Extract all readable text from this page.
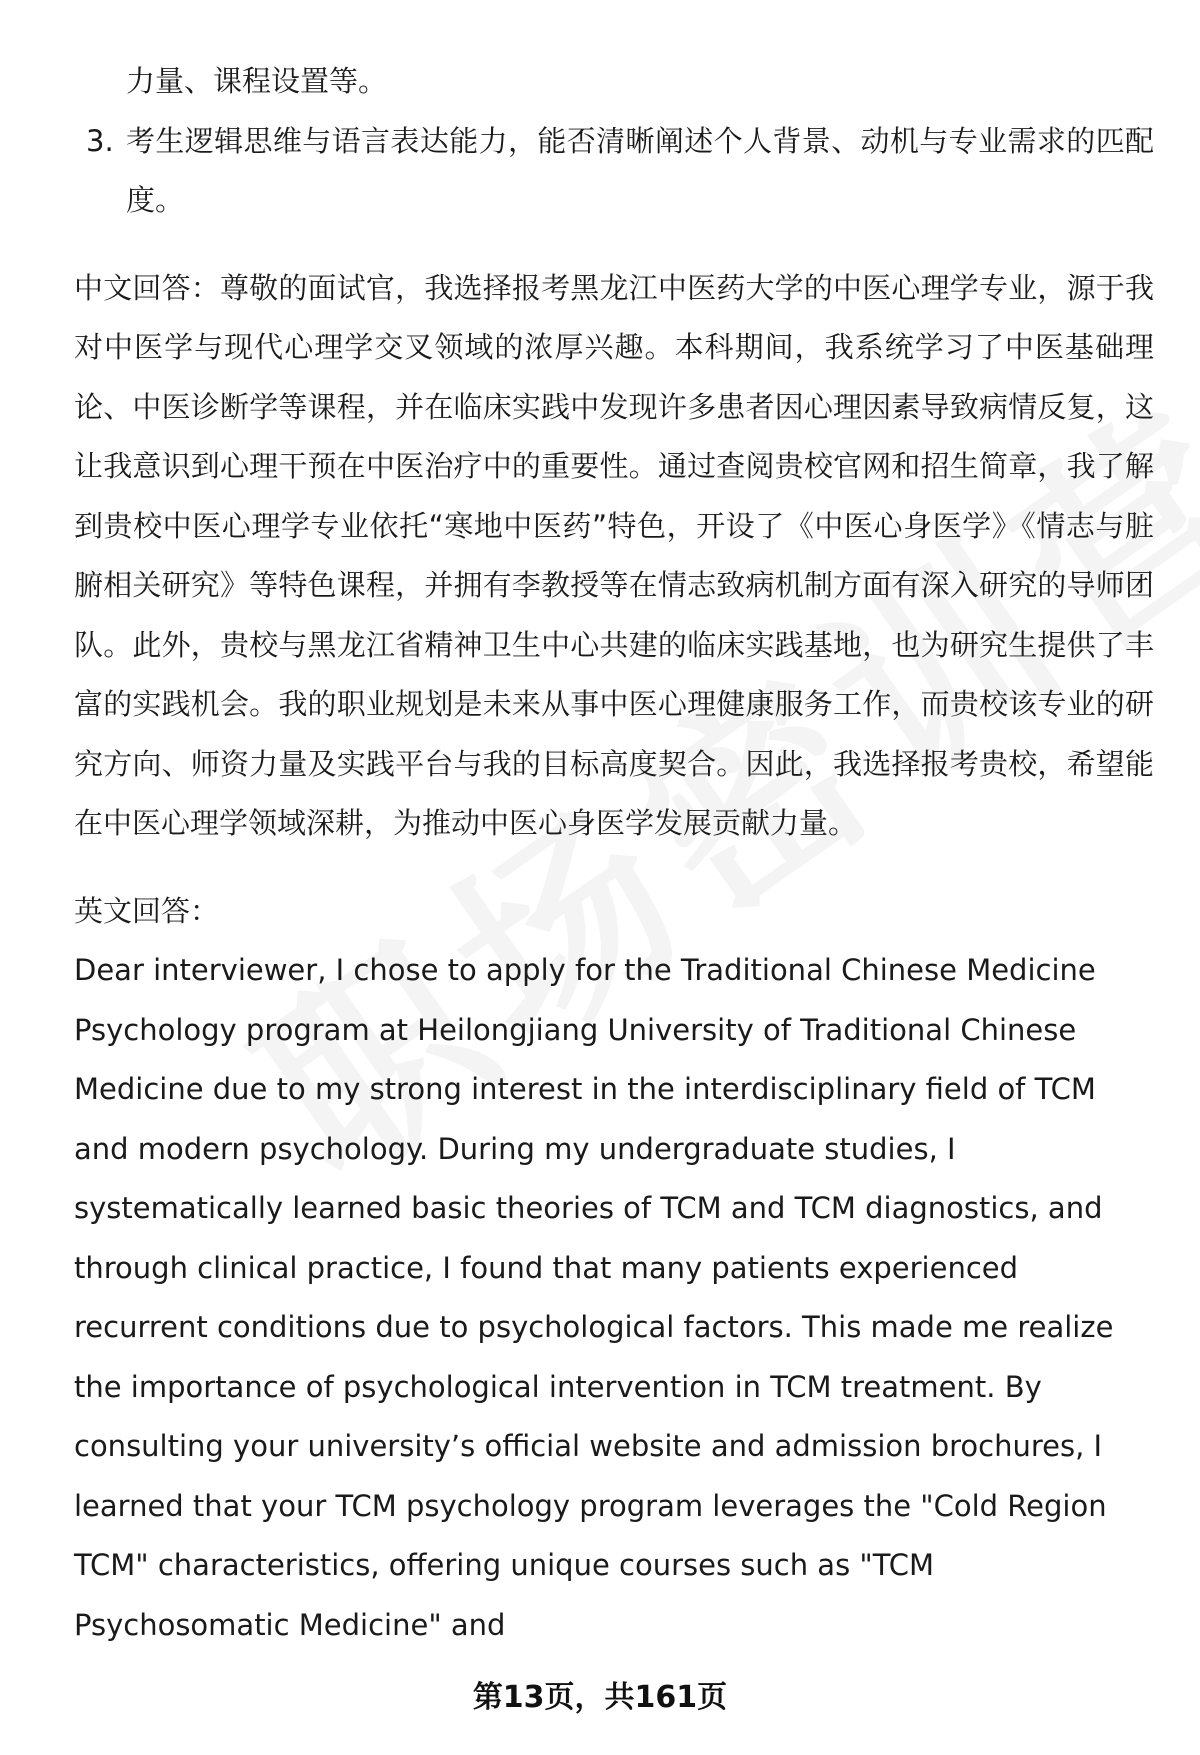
力量、课程设置等。

3. 考生逻辑思维与语言表达能力，能否清晰阐述个人背景、动机与专业需求的匹配度。

中文回答：尊敬的面试官，我选择报考黑龙江中医药大学的中医心理学专业，源于我对中医学与现代心理学交叉领域的浓厚兴趣。本科期间，我系统学习了中医基础理论、中医诊断学等课程，并在临床实践中发现许多患者因心理因素导致病情反复，这让我意识到心理干预在中医治疗中的重要性。通过查阅贵校官网和招生简章，我了解到贵校中医心理学专业依托“寒地中医药”特色，开设了《中医心身医学》《情志与脏腑相关研究》等特色课程，并拥有李教授等在情志致病机制方面有深入研究的导师团队。此外，贵校与黑龙江省精神卫生中心共建的临床实践基地，也为研究生提供了丰富的实践机会。我的职业规划是未来从事中医心理健康服务工作，而贵校该专业的研究方向、师资力量及实践平台与我的目标高度契合。因此，我选择报考贵校，希望能在中医心理学领域深耕，为推动中医心身医学发展贡献力量。

英文回答：

Dear interviewer, I chose to apply for the Traditional Chinese Medicine Psychology program at Heilongjiang University of Traditional Chinese Medicine due to my strong interest in the interdisciplinary field of TCM and modern psychology. During my undergraduate studies, I systematically learned basic theories of TCM and TCM diagnostics, and through clinical practice, I found that many patients experienced recurrent conditions due to psychological factors. This made me realize the importance of psychological intervention in TCM treatment. By consulting your university’s official website and admission brochures, I learned that your TCM psychology program leverages the "Cold Region TCM" characteristics, offering unique courses such as "TCM Psychosomatic Medicine" and

第13页，共161页
